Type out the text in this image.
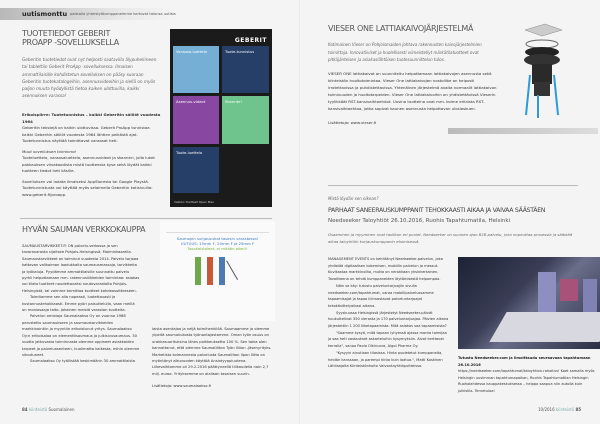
uutismonttu palstalla yhteistyökumppaneimme kertovat talonsa uutisia
TUOTETIEDOT GEBERIT PROAPP -SOVELLUKSELLA

Geberitin tuotetiedot ovat nyt helposti saatavilla älypuhelimeen tai tablettiin Geberit ProApp -sovelluksessa. Ilmaisen ammattilaisille kohdistetun sovelluksen on pääsy suoraan Geberitin tuotekatalogeihin, asennusvideoihin ja siellä on myös paljon muuta hyödyllistä tietoa kaiken ulottuvilla, kaikki asennuksen varassa!

Erikoispiirre: Tuotetunnistus – kaikki Geberitin säiliöt vuodesta 1964

Geberitin tekstejä on kaikin ulottuvissa. Geberit ProApp tunnistaa kaikki Geberitin säiliöt vuodesta 1964 lähtien pelkästä ajat. Tuotetunnistus näyttää toimittavat varaosat heti.

Muut sovelluksen toiminnot

Tuoteluettelo, varaosaluettelo, asennusvideot ja skanneri, jolla luket pakkauksen viivakoodista mistä tuotteesta kyse sekä löydät kaikki tuotteen tiedot heti käsille.

Sovelluksen voi ladata ilmaiseksi AppStoresta tai Google Playstä. Tuotetunnistusta voi käyttää myös selaimella Geberitin kotisivuilla: www.geberit.fi/proapp.

GEBERIT
Varaosa-luettelo	Tuote-tunnistus
Asennus-videot	Skanneri
Tuote-luettelo
Valikko Tuotteet Open Max
HYVÄN SAUMAN VERKKOKAUPPA
Saumojen suhjausuhat tasasin varastossa!
UUTUUS: 15mm F, 20mm F ja 25mm F
Tasakaistaleet, ei mitään oikei!!

SAUMAUSTARVIKKEET.FI ON palvelu-verkossa ja sen tavaravarasto sijaitsee Pohjois-Helsingissä, Malminkaarella. Saumaustarvikkeet on toiminut vuodesta 2014. Palvelu tarjoaa kattavan valikoiman laadukkaita saumausmassoja, tarvikkeita ja työkaluja. Pyydämme ammattilaisille suunnattu palvelu pyrkii helpottamaan mm. rakennusliikkeiden toimintaa: asiakas voi tilata tuotteet noudettavaksi noutovarastolta Pohjois-Helsingistä, tai voimme toimittaa tuotteet kohdeosoitteeseen.

Toimitamme sen alla nopeasti, luotettavasti ja kustannustehokkaasti. Emme pyöri paisuttelulla, vaan meillä on moniosaaja taito. Jokainen meistä varaston tuotteita.

Palvelun omistaja Saumalaakso Oy on vuonna 1988 perustettu saumaukseen ja saumaustarvikkeiden markkinointiin ja myyntiin erikoistunut yritys. Saumalaakso Oy:n erikoisalaa on elementtisaumaus ja julkisivusaumaus. 30 vuotta jatkuvasta toiminnasta olemme oppineet asiakkaiden tarpeet ja palveluasenteen, huolimatta kaikesta, mihin olemme sitoutuneet.

Saumalaakso Oy työllistää keskimäärin 30 ammattilaista

laista asentajaa ja neljä toimihenkilöä. Saumaamme ja olemme ylpeitä saumaliukosta työnantajastamme. Oman työn osuus on urakkasuorituksina lähes poikkeuksetta 100 %. Sen takia olen kannattanut, että olemme Saumaliitton Työn Ililion -jäsenyrityks. Marketista kolmannesta palvelusta Saumaliiton Ilpon Ilitto on myöntänyt alkuvuoden käyttöä Ansiotyyppiuutena. Liikevaihtomme oli 29.2.2016 päättyneellä tilikaudella noin 2,7 milj. euroa. Yrityksemme on alallaan tasaisen suurin.

Lisätietoja: www.saumalaakso.fi

84 kiinteistö Suomalainen
VIESER ONE LATTIAKAIVOJÄRJESTELMÄ

Kotimainen Vieser on Pohjoismaiden johtava rakennusten kaivojärjestelmien toimittaja. Innovatiiviset ja huolellisesti viimeistellyt märkätilatuotteet ovat pitkäjänteisen ja asiakaslähtöisen tuotesuunnittelun tulos.

VIESER ONE lattiakaivot on suunniteltu helpottamaan lattiakaivojen asennusta sekä kiinteistön huoltotoimintaa. Vieser One lattiakaivojen nostoliike on helposti irrotettavissa ja puhdistettavissa. Yhtenäinen järjestelmä avaita normaalit lattiakaivon toimivuuden ja huoltotarpeiden. Vieser One lattiakaivoihin on yhdistettävissä Vieserin tyylikkäät RST-kansivaihtoehdot. Uusina tuotteina ovat mm. kolme erilaista RST-kansivaihtoehtoa, jotka sopivat kaunen asennusta helpottavan uloslaskuen.

Lisätietoja: www.vieser.fi

Mistä löydän sen oikean?

PARHAAT SANEERAUSKUMPPANIT TEHOKKAASTI AIKAA JA VAIVAA SÄÄSTÄEN
Needseeker Taloyhtiöt 26.10.2016, Ruohis Tapahtumatila, Helsinki

Osaaminen ja myyminen ovat tasiiltan eri puolet. Needseeker on suomen ajan B2B-palvelu, joka nopeuttaa prosessia ja säästää aikaa taloyhtiön korjauskumppanin etsimisessä.

MANAGEMENT EVENTS on kehittänyt Needseeker-palvelun, joka yhdistää digitaalisen kokemisen, mobiilin palvelun ja messut. Kuvikastaa markkinoilta, mutta on nerokkaan yksinkertainen. Tavoitteena on tehdä kumppaneiden löytämisestä helpompaa.

Näin se käy: tutustu palveluntarjoajiin sivulla needseeker.com/tapahtumat, varaa mobiilipalvelussamme tapaamisajat ja tapaa kiinnostavat palveluntarjoajat tekokäsittelyaikasi aikana.

Syyskuussa Helsingissä järjestetyt Needseeker-päivät houkuttelivat 350 vierasta ja 170 palveluntarjoajaa. Päivien aikana järjestettiin 1 200 liiketapaamista. Mitä asiakas saa tapaamisista?

"Saamme kysyä, mitä tapaan lyhyessä ajassa monta toimijaa ja saa heti vastaukset askarteluihin kysymyksiin. Aivot kerttavat kerralla", sanoo Paola Olkinuora, Algol Pharma Oy.

"Kysyyin ainutlaan tilasissa. Hinta puoletetut kumppaneita, heidän kanssaan, ja parempi hinta kuin laatua.", Matti Koskinen Lähilaajalta Kiinteistönhoito Valvontayhtiöpuitteissa.

Tutustu Needseeker.com ja ilmoittaudu seuraavaan tapahtumaan 26.10.2016

https://needseeker.com/tapahtumat/taloyhtion-rahoitus! Koet samalla myös Helsingin uusimman tapahtumapaikan, Ruohis Tapahtumatilan Helsingin Ruoholahdessa kauppakeskuksessa – helppo saapua niin autolla kuin julkisilla. Tervetuloa!

10/2016 kiinteistö 85
